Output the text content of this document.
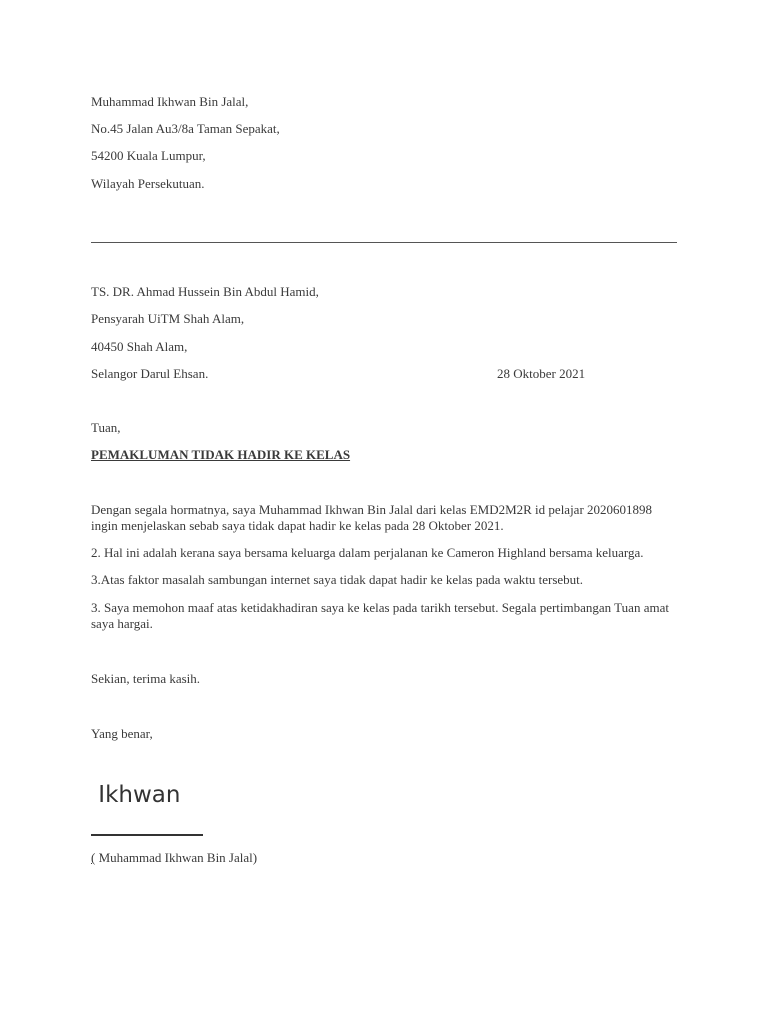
Muhammad Ikhwan Bin Jalal,
No.45 Jalan Au3/8a Taman Sepakat,
54200 Kuala Lumpur,
Wilayah Persekutuan.
TS. DR. Ahmad Hussein Bin Abdul Hamid,
Pensyarah UiTM Shah Alam,
40450 Shah Alam,
Selangor Darul Ehsan.	28 Oktober 2021
Tuan,
PEMAKLUMAN TIDAK HADIR KE KELAS
Dengan segala hormatnya, saya Muhammad Ikhwan Bin Jalal dari kelas EMD2M2R id pelajar 2020601898
ingin menjelaskan sebab saya tidak dapat hadir ke kelas pada 28 Oktober 2021.
2. Hal ini adalah kerana saya bersama keluarga dalam perjalanan ke Cameron Highland bersama keluarga.
3.Atas faktor masalah sambungan internet saya tidak dapat hadir ke kelas pada waktu tersebut.
3. Saya memohon maaf atas ketidakhadiran saya ke kelas pada tarikh tersebut. Segala pertimbangan Tuan amat
saya hargai.
Sekian, terima kasih.
Yang benar,
Ikhwan
( Muhammad Ikhwan Bin Jalal)
